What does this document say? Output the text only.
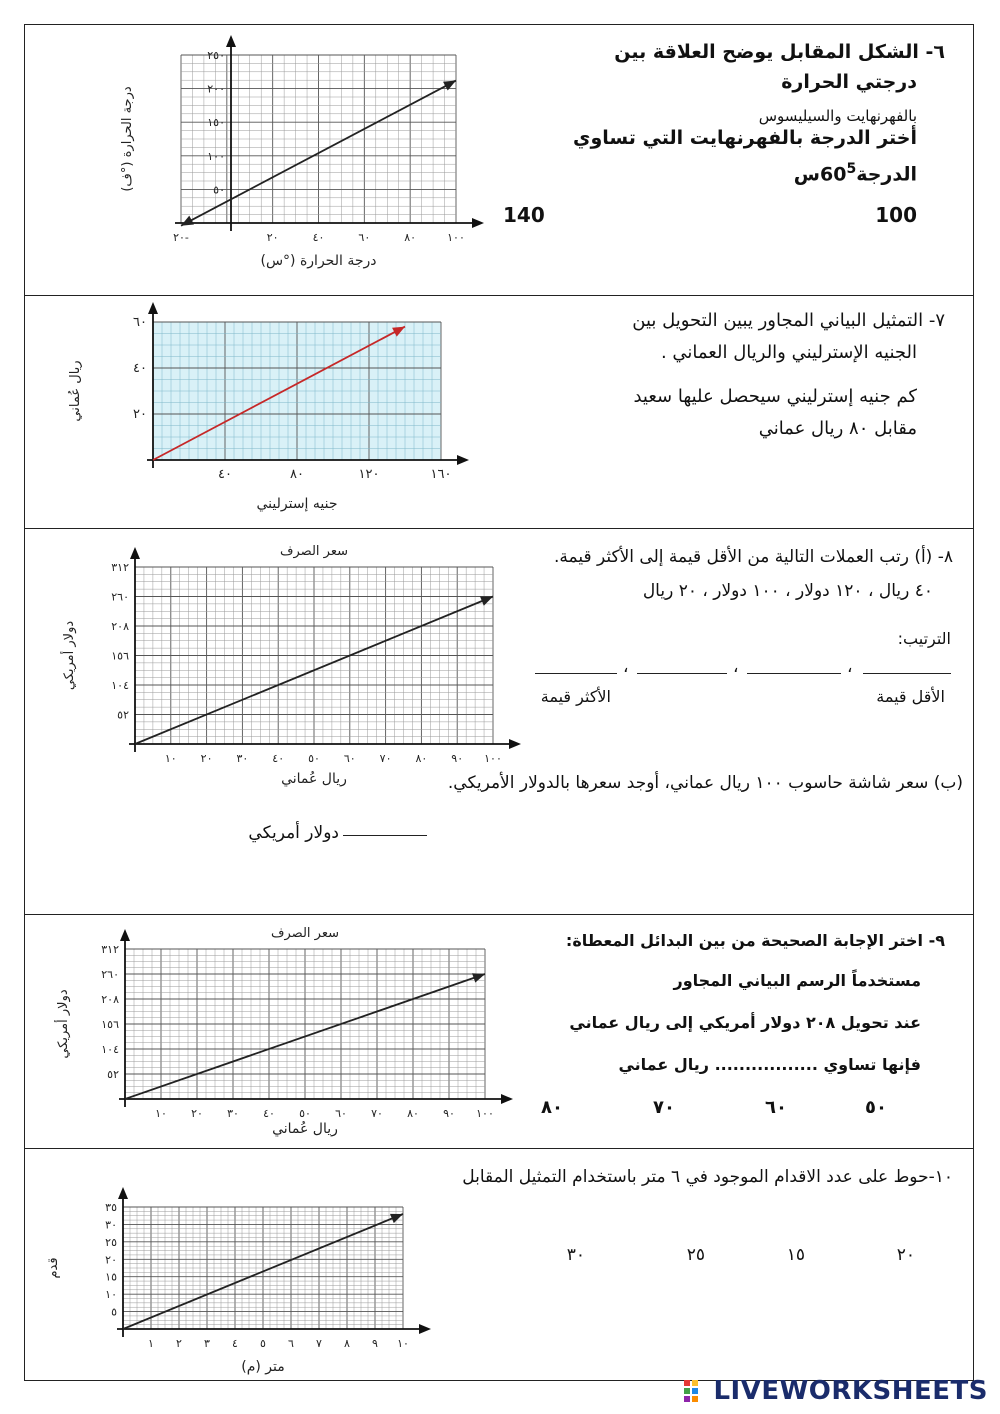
٢٠-	٢٠	٤٠	٦٠	٨٠	١٠٠
٥٠
١٠٠
١٥٠
٢٠٠
٢٥٠
درجة الحرارة (°ف)
درجة الحرارة (°س)
٦- الشكل المقابل يوضح العلاقة بين
درجتي الحرارة
بالفهرنهايت والسيليسوس
أختر الدرجة بالفهرنهايت التي تساوي
$الدرجة60^5س$
100
140
٤٠	٨٠	١٢٠	١٦٠
٢٠
٤٠
٦٠
ريال عُماني
جنيه إسترليني
٧- التمثيل البياني المجاور يبين التحويل بين
الجنيه الإسترليني والريال العماني .
كم جنيه إسترليني سيحصل عليها سعيد
مقابل ٨٠ ريال عماني
١٠ ٢٠ ٣٠ ٤٠ ٥٠ ٦٠ ٧٠ ٨٠ ٩٠ ١٠٠
٥٢
١٠٤
١٥٦
٢٠٨
٢٦٠
٣١٢
دولار أمريكي
ريال عُماني
سعر الصرف	٨- (أ) رتب العملات التالية من الأقل قيمة إلى الأكثر قيمة.
٤٠ ريال ، ١٢٠ دولار ، ١٠٠ دولار ، ٢٠ ريال
الترتيب:
،
،
،
الأقل قيمة
الأكثر قيمة
(ب) سعر شاشة حاسوب ١٠٠ ريال عماني، أوجد سعرها بالدولار الأمريكي.
دولار أمريكي
١٠ ٢٠ ٣٠ ٤٠ ٥٠ ٦٠ ٧٠ ٨٠ ٩٠ ١٠٠
٥٢
١٠٤
١٥٦
٢٠٨
٢٦٠
٣١٢
دولار أمريكي
ريال عُماني
سعر الصرف	٩- اختر الإجابة الصحيحة من بين البدائل المعطاة:
مستخدماً الرسم البياني المجاور
عند تحويل ٢٠٨ دولار أمريكي إلى ريال عماني
فإنها تساوي ................. ريال عماني
٥٠
٦٠
٧٠
٨٠
١ ٢ ٣ ٤ ٥ ٦ ٧ ٨ ٩ ١٠
٥
١٠
١٥
٢٠
٢٥
٣٠
٣٥
قدم
متر (م)
١٠-حوط على عدد الاقدام الموجود في ٦ متر باستخدام التمثيل المقابل
٢٠
١٥
٢٥
٣٠
LIVEWORKSHEETS
